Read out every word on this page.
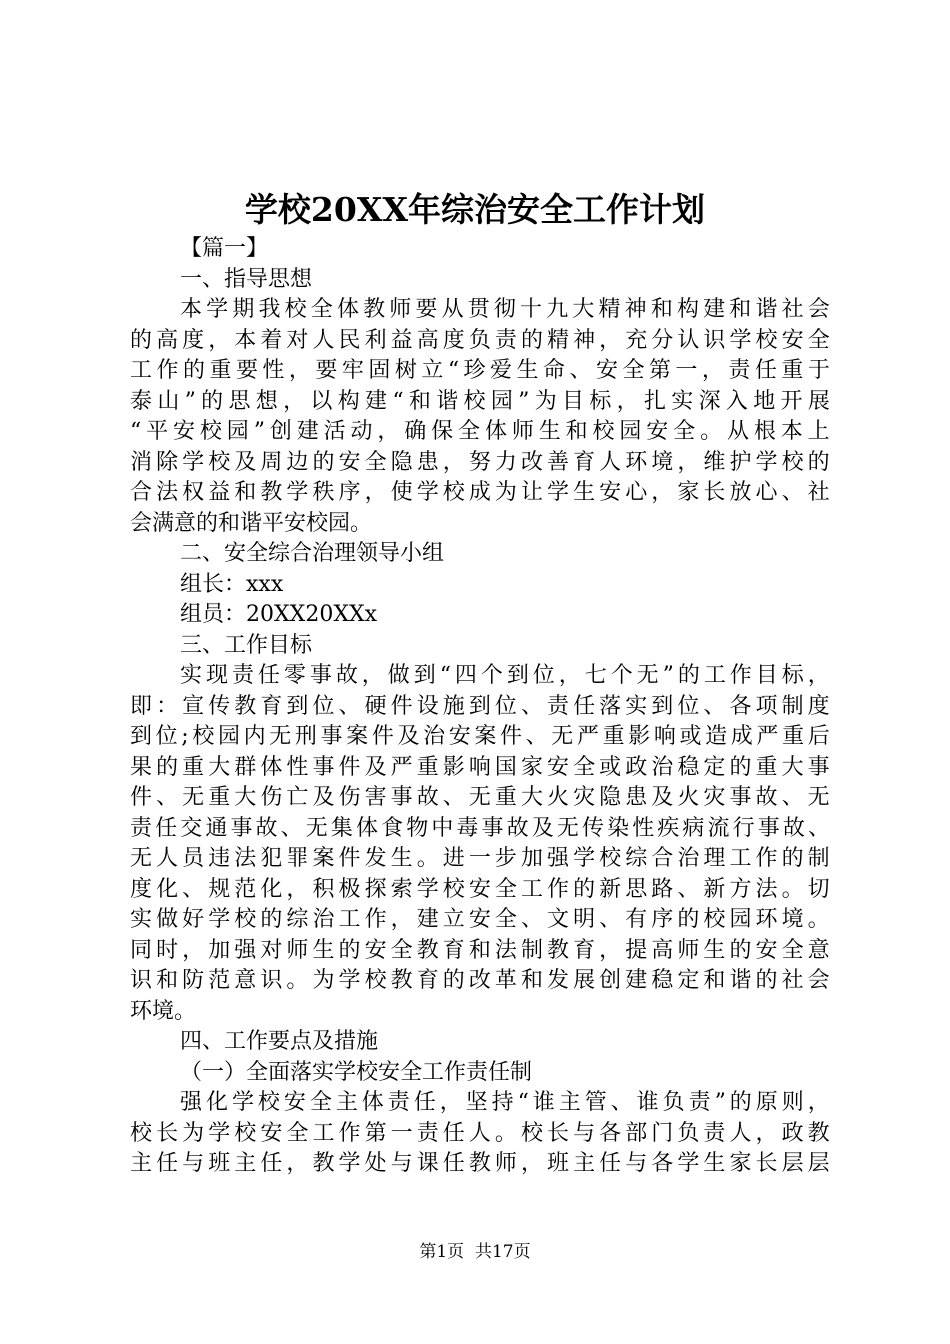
学校20XX年综治安全工作计划
【篇一】
一、指导思想
本 学 期 我 校 全 体 教 师 要 从 贯 彻 十 九 大 精 神 和 构 建 和 谐 社 会
的 高 度 ， 本 着 对 人 民 利 益 高 度 负 责 的 精 神 ， 充 分 认 识 学 校 安 全
工 作 的 重 要 性 ， 要 牢 固 树 立 “ 珍 爱 生 命 、 安 全 第 一 ， 责 任 重 于
泰 山 ” 的 思 想 ， 以 构 建 “ 和 谐 校 园 ” 为 目 标 ， 扎 实 深 入 地 开 展
“ 平 安 校 园 ” 创 建 活 动 ， 确 保 全 体 师 生 和 校 园 安 全 。 从 根 本 上
消 除 学 校 及 周 边 的 安 全 隐 患 ， 努 力 改 善 育 人 环 境 ， 维 护 学 校 的
合 法 权 益 和 教 学 秩 序 ， 使 学 校 成 为 让 学 生 安 心 ， 家 长 放 心 、 社
会满意的和谐平安校园。
二、安全综合治理领导小组
组长：xxx
组员：20XX20XXx
三、工作目标
实 现 责 任 零 事 故 ， 做 到 “ 四 个 到 位 ， 七 个 无 ” 的 工 作 目 标 ，
即 ： 宣 传 教 育 到 位 、 硬 件 设 施 到 位 、 责 任 落 实 到 位 、 各 项 制 度
到 位 ; 校 园 内 无 刑 事 案 件 及 治 安 案 件 、 无 严 重 影 响 或 造 成 严 重 后
果 的 重 大 群 体 性 事 件 及 严 重 影 响 国 家 安 全 或 政 治 稳 定 的 重 大 事
件 、 无 重 大 伤 亡 及 伤 害 事 故 、 无 重 大 火 灾 隐 患 及 火 灾 事 故 、 无
责 任 交 通 事 故 、 无 集 体 食 物 中 毒 事 故 及 无 传 染 性 疾 病 流 行 事 故 、
无 人 员 违 法 犯 罪 案 件 发 生 。 进 一 步 加 强 学 校 综 合 治 理 工 作 的 制
度 化 、 规 范 化 ， 积 极 探 索 学 校 安 全 工 作 的 新 思 路 、 新 方 法 。 切
实 做 好 学 校 的 综 治 工 作 ， 建 立 安 全 、 文 明 、 有 序 的 校 园 环 境 。
同 时 ， 加 强 对 师 生 的 安 全 教 育 和 法 制 教 育 ， 提 高 师 生 的 安 全 意
识 和 防 范 意 识 。 为 学 校 教 育 的 改 革 和 发 展 创 建 稳 定 和 谐 的 社 会
环境。
四、工作要点及措施
（一）全面落实学校安全工作责任制
强 化 学 校 安 全 主 体 责 任 ， 坚 持 “ 谁 主 管 、 谁 负 责 ” 的 原 则 ，
校 长 为 学 校 安 全 工 作 第 一 责 任 人 。 校 长 与 各 部 门 负 责 人 ， 政 教
主 任 与 班 主 任 ， 教 学 处 与 课 任 教 师 ， 班 主 任 与 各 学 生 家 长 层 层
第1页  共17页
